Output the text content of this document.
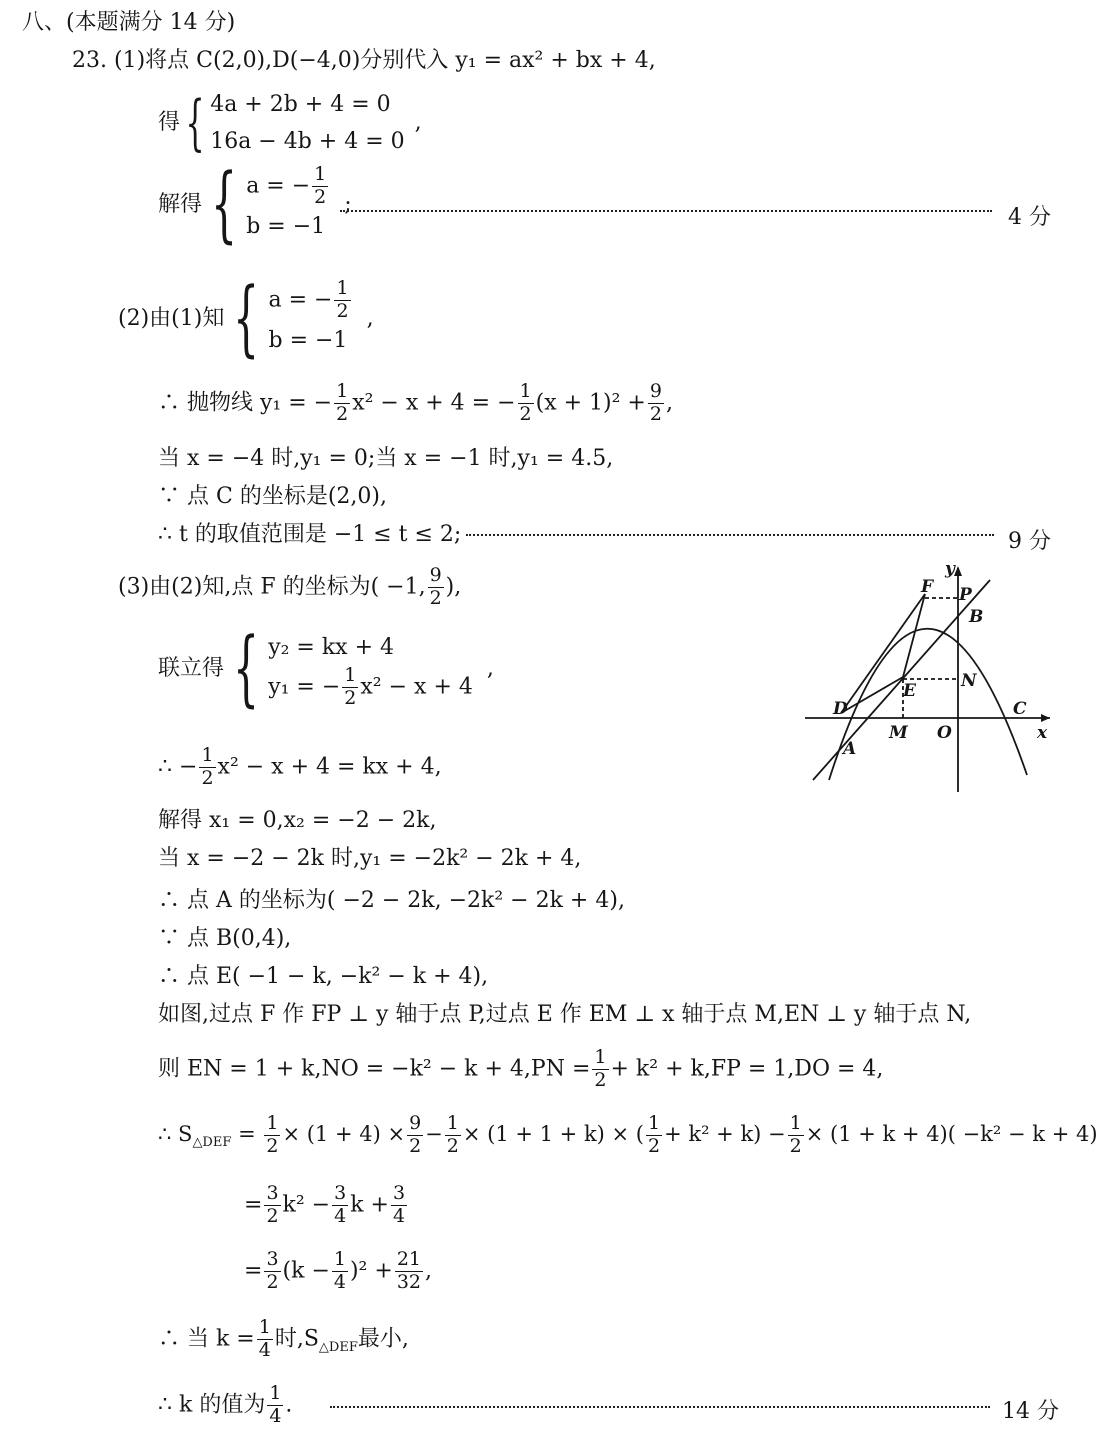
八、(本题满分 14 分)
23. (1)将点 C(2,0),D(−4,0)分别代入 y₁ = ax² + bx + 4,
得 { 4a + 2b + 4 = 0
16a − 4b + 4 = 0
,
解得 { a = − $\frac{1}{2}$
b = −1
;
4 分
(2)由(1)知 { a = − $\frac{1}{2}$
b = −1
,
∴ 抛物线 y₁ = − $\frac{1}{2} x^2 - x + 4$ = − $\frac{1}{2} (x + 1)^2 + \frac{9}{2}$ ,
当 x = −4 时,y₁ = 0;当 x = −1 时,y₁ = 4.5,
∵ 点 C 的坐标是(2,0),
∴ t 的取值范围是 −1 ≤ t ≤ 2;	9 分
(3)由(2)知,点 F 的坐标为( −1, $\frac{9}{2}$ ),
联立得 { y₂ = kx + 4
y₁ = − $\frac{1}{2} x^2 - x + 4$
,
∴ − $\frac{1}{2} x^2 - x + 4$ = kx + 4,
解得 x₁ = 0,x₂ = −2 − 2k,
当 x = −2 − 2k 时,y₁ = −2k² − 2k + 4,
∴ 点 A 的坐标为( −2 − 2k, −2k² − 2k + 4),
∵ 点 B(0,4),
∴ 点 E( −1 − k, −k² − k + 4),
如图,过点 F 作 FP ⊥ y 轴于点 P,过点 E 作 EM ⊥ x 轴于点 M,EN ⊥ y 轴于点 N,
则 EN = $1 + k,NO = -k^2 - k + 4,PN = \frac{1}{2} + k^2 + k,FP = 1,DO = 4$,
∴ $S_{\triangle DEF} = \frac{1}{2} \times (1 + 4) \times \frac{9}{2} - \frac{1}{2} \times (1 + 1 + k)$ × ( $\frac{1}{2} + k^2 + k) - \frac{1}{2} \times (1 + k + 4)( -k^2 - k + 4)$
= $\frac{3}{2} k^2 - \frac{3}{4}$ $k + \frac{3}{4}$
= $\frac{3}{2} (k - \frac{1}{4} )^2 + \frac{21}{32}$ ,
∴ 当 $k = \frac{1}{4}$ 时$,S_{\triangle DEF}$最小,
∴ k 的值为 $\frac{1}{4}$ .	14 分
y
x
F P
B
E	N
D	C
M O
A
